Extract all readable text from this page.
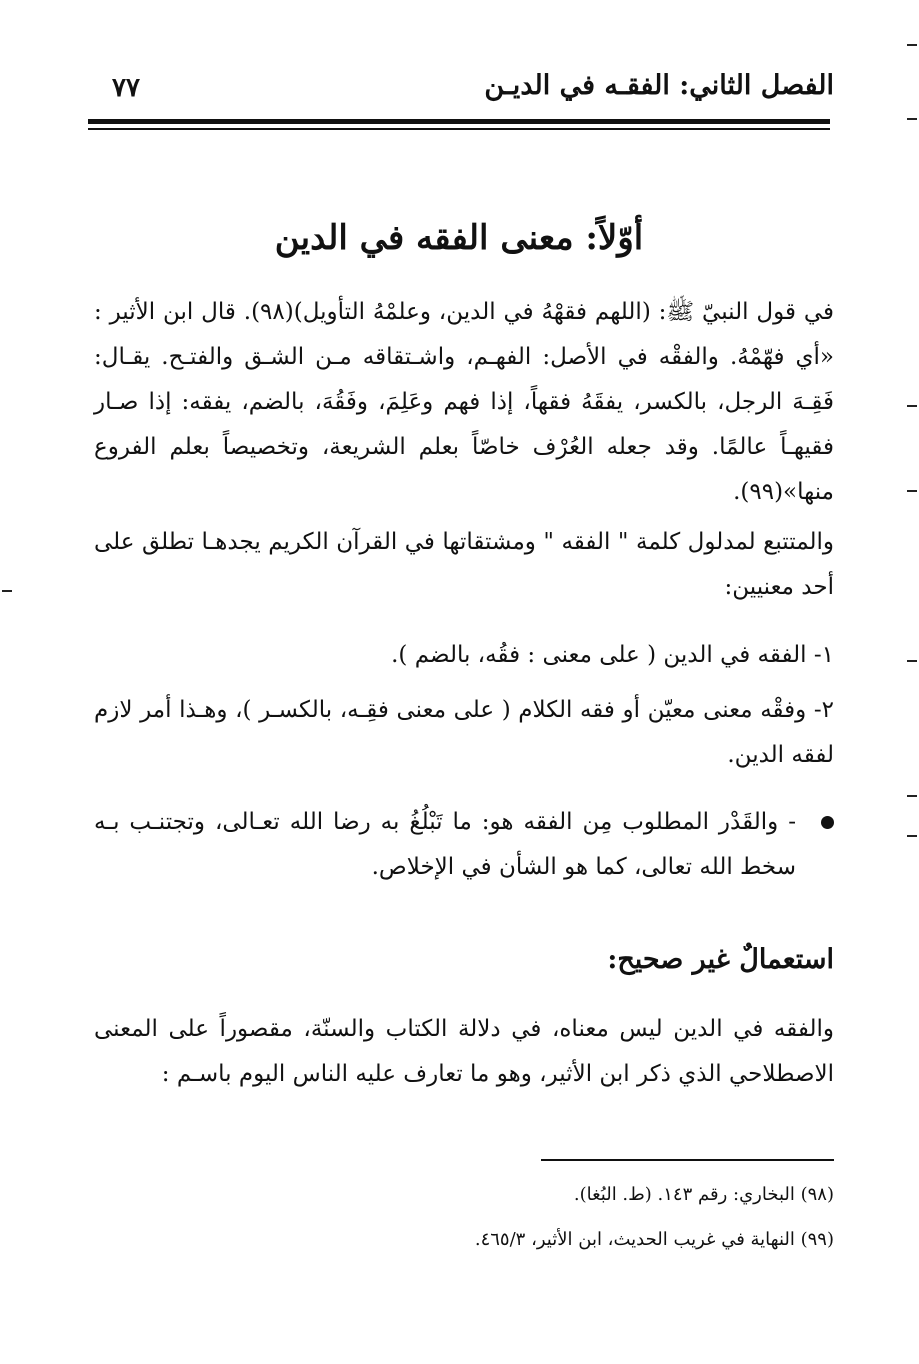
الفصل الثاني: الفقـه في الديـن
٧٧
أوّلاً: معنى الفقه في الدين
في قول النبيّ ﷺ: (اللهم فقهْهُ في الدين، وعلمْهُ التأويل)(٩٨). قال ابن الأثير : «أي فهّمْهُ. والفقْه في الأصل: الفهـم، واشـتقاقه مـن الشـق والفتـح. يقـال: فَقِـهَ الرجل، بالكسر، يفقَهُ فقهاً، إذا فهم وعَلِمَ، وفَقُهَ، بالضم، يفقه: إذا صـار فقيهـاً عالمًا. وقد جعله العُرْف خاصّاً بعلم الشريعة، وتخصيصاً بعلم الفروع منها»(٩٩).
والمتتبع لمدلول كلمة " الفقه " ومشتقاتها في القرآن الكريم يجدهـا تطلق على أحد معنيين:
١- الفقه في الدين ( على معنى : فقُه، بالضم ).
٢- وفقْه معنى معيّن أو فقه الكلام ( على معنى فقِـه، بالكسـر )، وهـذا أمر لازم لفقه الدين.
- والقَدْر المطلوب مِن الفقه هو: ما تَبْلُغُ به رضا الله تعـالى، وتجتنـب بـه سخط الله تعالى، كما هو الشأن في الإخلاص.
استعمالٌ غير صحيح:
والفقه في الدين ليس معناه، في دلالة الكتاب والسنّة، مقصوراً على المعنى الاصطلاحي الذي ذكر ابن الأثير، وهو ما تعارف عليه الناس اليوم باسـم :
(٩٨) البخاري: رقم ١٤٣. (ط. البُغا).
(٩٩) النهاية في غريب الحديث، ابن الأثير، ٤٦٥/٣.
